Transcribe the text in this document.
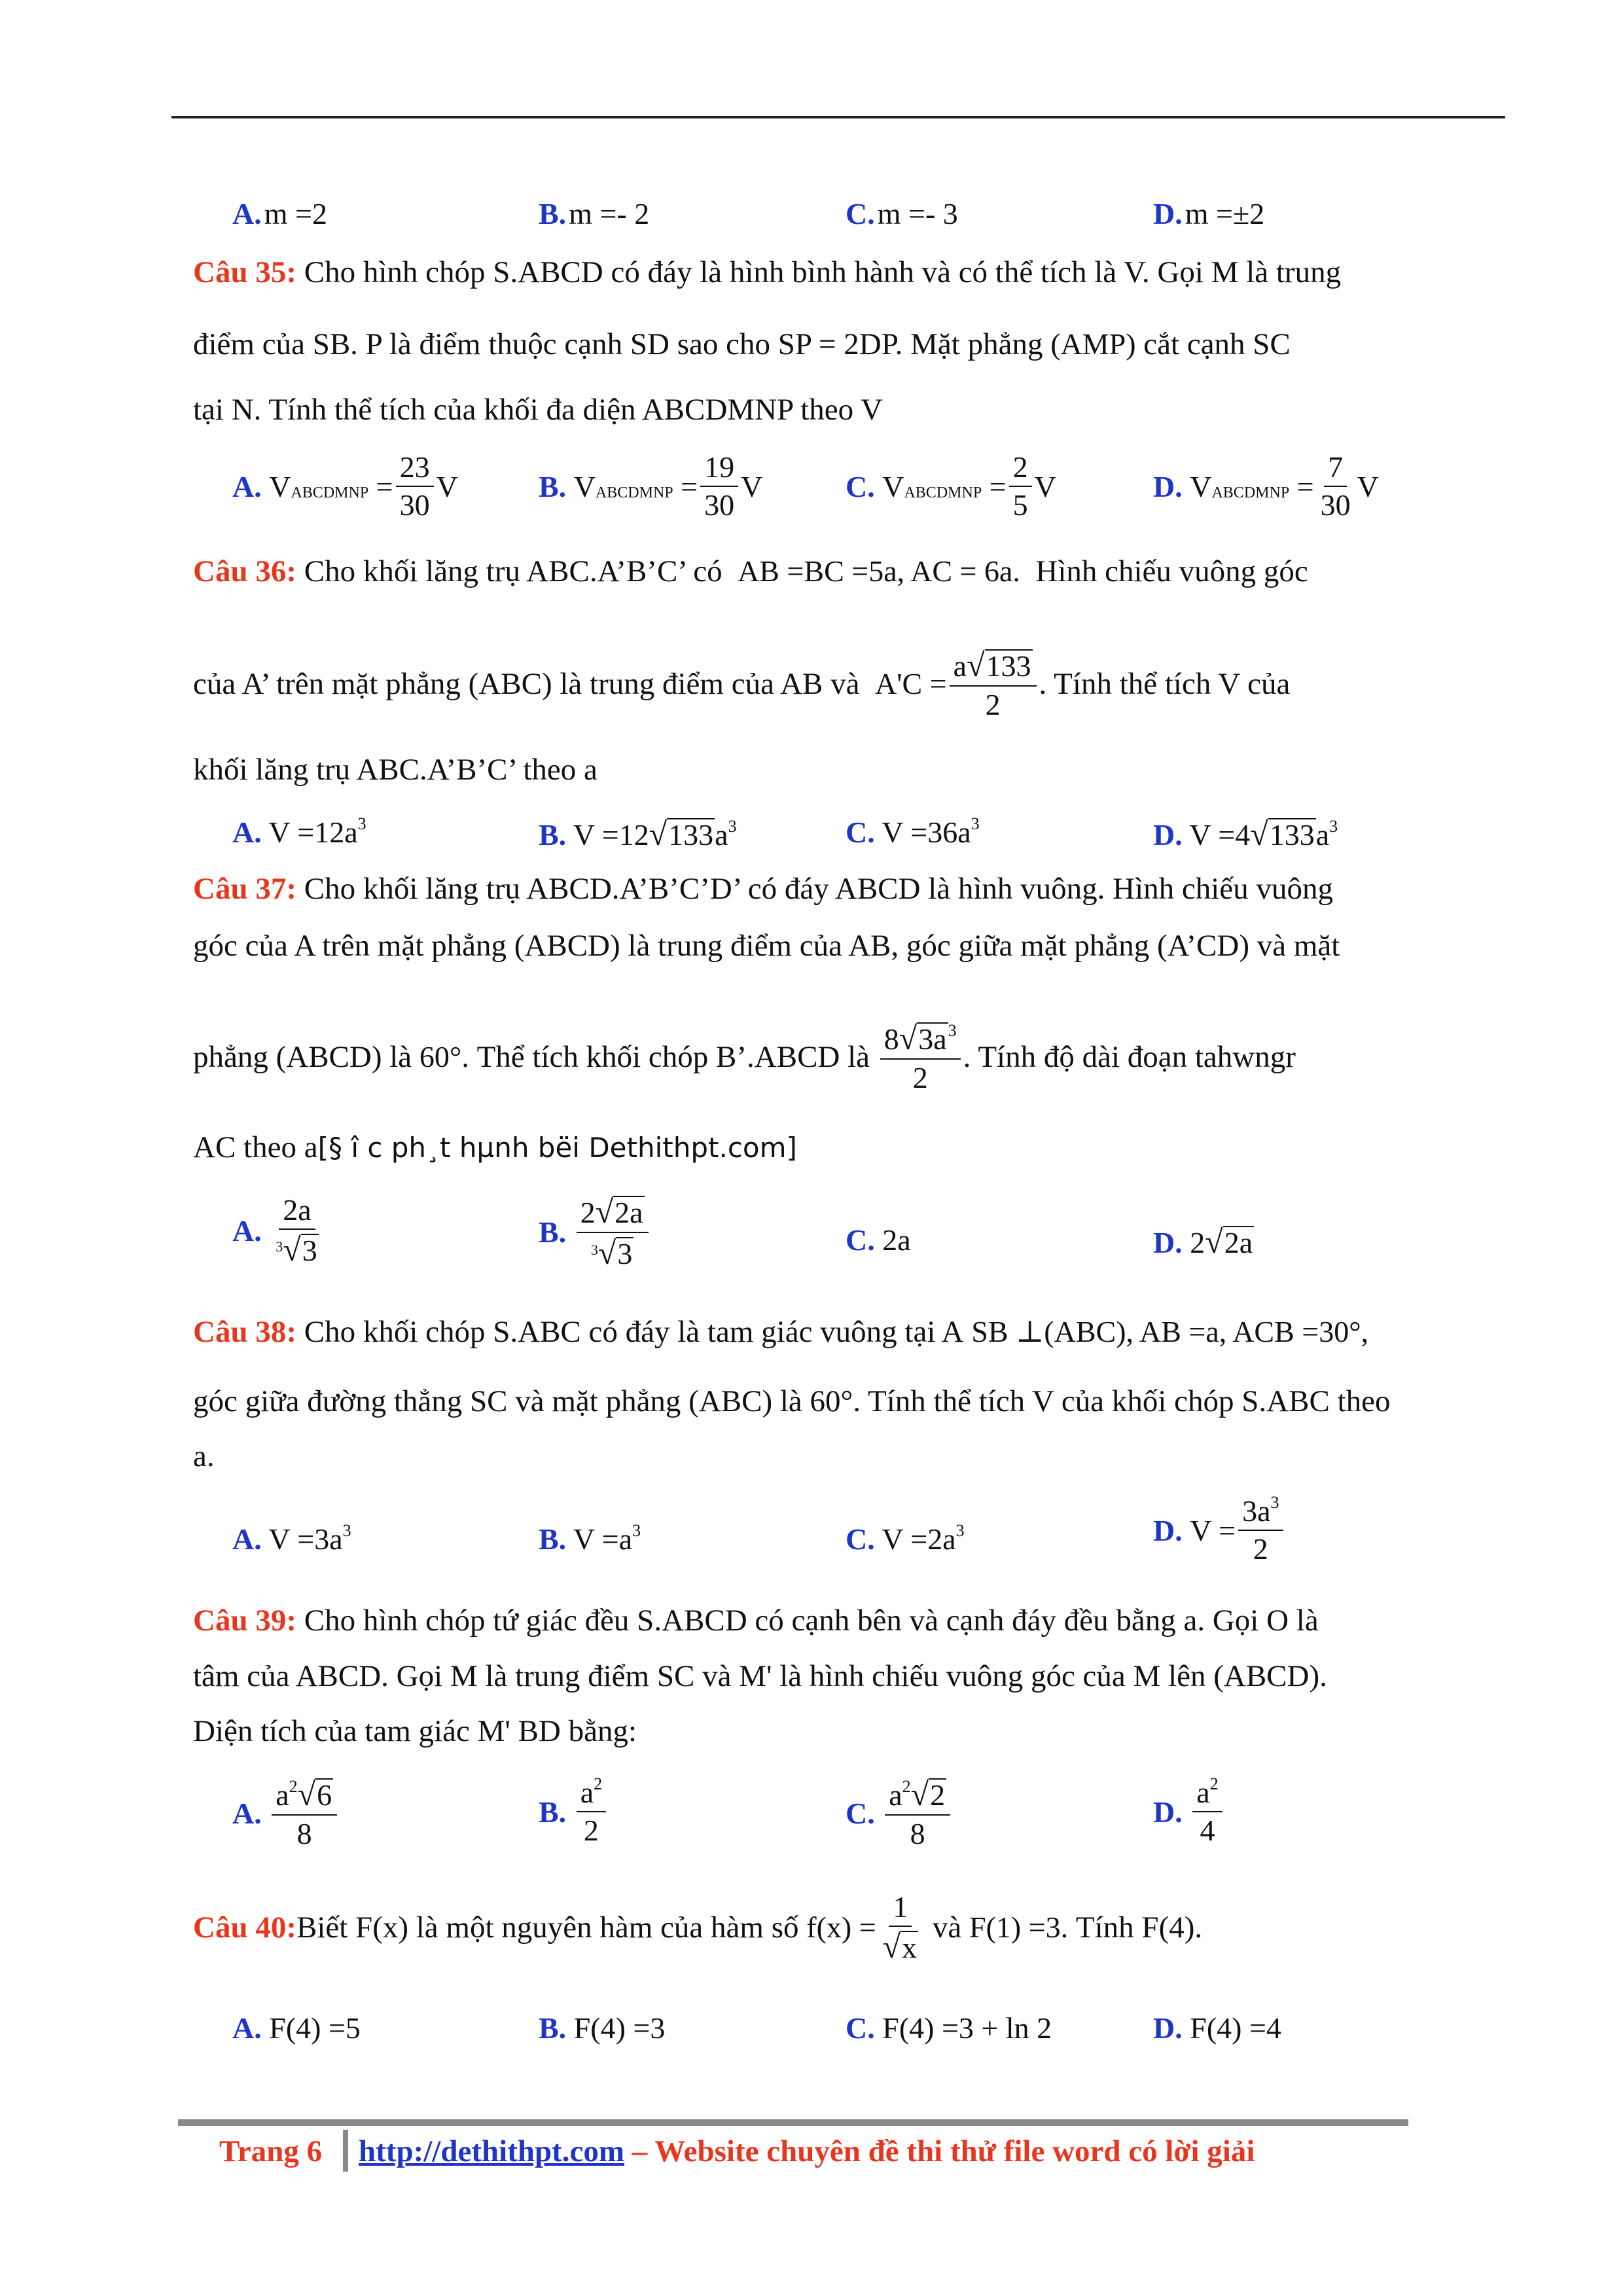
A. m =2	B. m =- 2	C. m =- 3	D. m =±2
Câu 35: Cho hình chóp S.ABCD có đáy là hình bình hành và có thể tích là V. Gọi M là trung
điểm của SB. P là điểm thuộc cạnh SD sao cho SP = 2DP. Mặt phẳng (AMP) cắt cạnh SC
tại N. Tính thể tích của khối đa diện ABCDMNP theo V
A.
V ABCDMNP
= $\frac{23}{30}$ V	B.
V ABCDMNP
= $\frac{19}{30}$ V	C.
V ABCDMNP
= $\frac{2}{5}$ V	D.
V ABCDMNP
= $\frac{7}{30}$ V
Câu 36: Cho khối lăng trụ ABC.A’B’C’ có AB =BC =5a, AC = 6a. Hình chiếu vuông góc
của A’ trên mặt phẳng (ABC) là trung điểm của AB và
$A'C = \frac{a√133}{2}$ . Tính thể tích V của
khối lăng trụ ABC.A’B’C’ theo a
A. $V =12a^3$	B. $V =12√133a^3$	C. $V =36a^3$	D. $V =4√133a^3$
Câu 37: Cho khối lăng trụ ABCD.A’B’C’D’ có đáy ABCD là hình vuông. Hình chiếu vuông
góc của A trên mặt phẳng (ABCD) là trung điểm của AB, góc giữa mặt phẳng (A’CD) và mặt
phẳng (ABCD) là
60°.
Thể tích khối chóp B’.ABCD là
$\frac{8√3a^3}{2}$ . Tính độ dài đoạn tahwngr
AC theo a[§ î c ph¸t hµnh bëi Dethithpt.com]
A.
$\frac{2a}{^3√3}$	B.
$\frac{2√2a}{^3√3}$	C. 2a	D. 2√2a
Câu 38: Cho khối chóp S.ABC có đáy là tam giác vuông tại A SB ⊥(ABC), AB =a, ACB =30°,
góc giữa đường thẳng SC và mặt phẳng (ABC) là 60°. Tính thể tích V của khối chóp S.ABC theo
a.
A. $V =3a^3$	B. $V =a^3$	C. $V =2a^3$	D.
$V = \frac{3a^3}{2}$
Câu 39: Cho hình chóp tứ giác đều S.ABCD có cạnh bên và cạnh đáy đều bằng a. Gọi O là
tâm của ABCD. Gọi M là trung điểm SC và M' là hình chiếu vuông góc của M lên (ABCD).
Diện tích của tam giác M' BD bằng:
A.
$\frac{a^2√6}{8}$	B.
$\frac{a^2}{2}$	C.
$\frac{a^2√2}{8}$	D.
$\frac{a^2}{4}$
Câu 40: Biết F(x) là một nguyên hàm của hàm số
$f(x) = \frac{1}{√x}$
và
F(1) =3.
Tính F(4).
A. F(4) =5	B. F(4) =3	C. F(4) =3 + ln 2	D. F(4) =4
Trang 6 http://dethithpt.com – Website chuyên đề thi thử file word có lời giải
